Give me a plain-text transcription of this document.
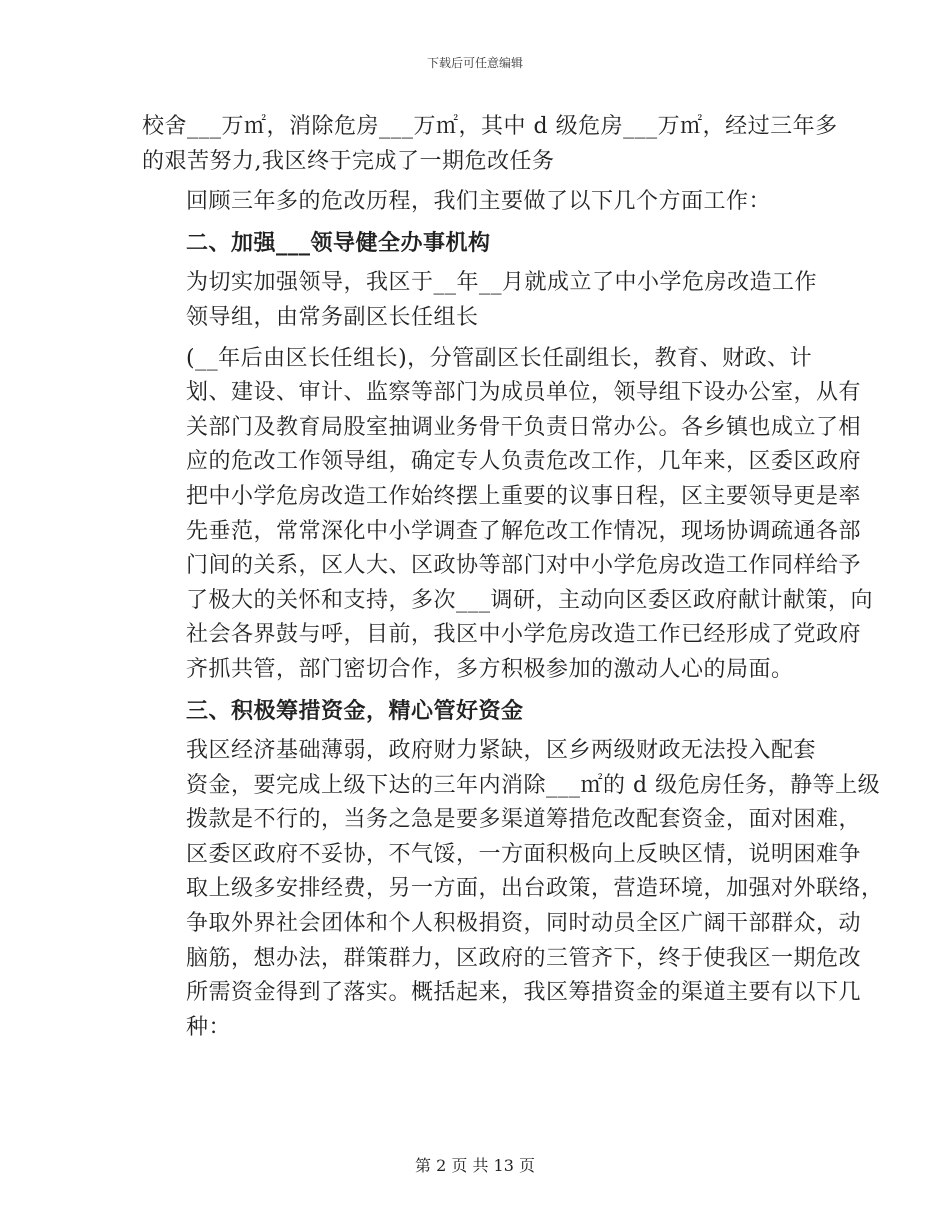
下载后可任意编辑

校舍___万㎡，消除危房___万㎡，其中 d 级危房___万㎡，经过三年多
的艰苦努力,我区终于完成了一期危改任务

回顾三年多的危改历程，我们主要做了以下几个方面工作：

二、加强___领导健全办事机构

为切实加强领导，我区于__年__月就成立了中小学危房改造工作
领导组，由常务副区长任组长

(__年后由区长任组长)，分管副区长任副组长，教育、财政、计
划、建设、审计、监察等部门为成员单位，领导组下设办公室，从有
关部门及教育局股室抽调业务骨干负责日常办公。各乡镇也成立了相
应的危改工作领导组，确定专人负责危改工作，几年来，区委区政府
把中小学危房改造工作始终摆上重要的议事日程，区主要领导更是率
先垂范，常常深化中小学调查了解危改工作情况，现场协调疏通各部
门间的关系，区人大、区政协等部门对中小学危房改造工作同样给予
了极大的关怀和支持，多次___调研，主动向区委区政府献计献策，向
社会各界鼓与呼，目前，我区中小学危房改造工作已经形成了党政府
齐抓共管，部门密切合作，多方积极参加的激动人心的局面。

三、积极筹措资金，精心管好资金

我区经济基础薄弱，政府财力紧缺，区乡两级财政无法投入配套
资金，要完成上级下达的三年内消除___㎡的 d 级危房任务，静等上级
拨款是不行的，当务之急是要多渠道筹措危改配套资金，面对困难，
区委区政府不妥协，不气馁，一方面积极向上反映区情，说明困难争
取上级多安排经费，另一方面，出台政策，营造环境，加强对外联络，
争取外界社会团体和个人积极捐资，同时动员全区广阔干部群众，动
脑筋，想办法，群策群力，区政府的三管齐下，终于使我区一期危改
所需资金得到了落实。概括起来，我区筹措资金的渠道主要有以下几
种：

第 2 页 共 13 页
